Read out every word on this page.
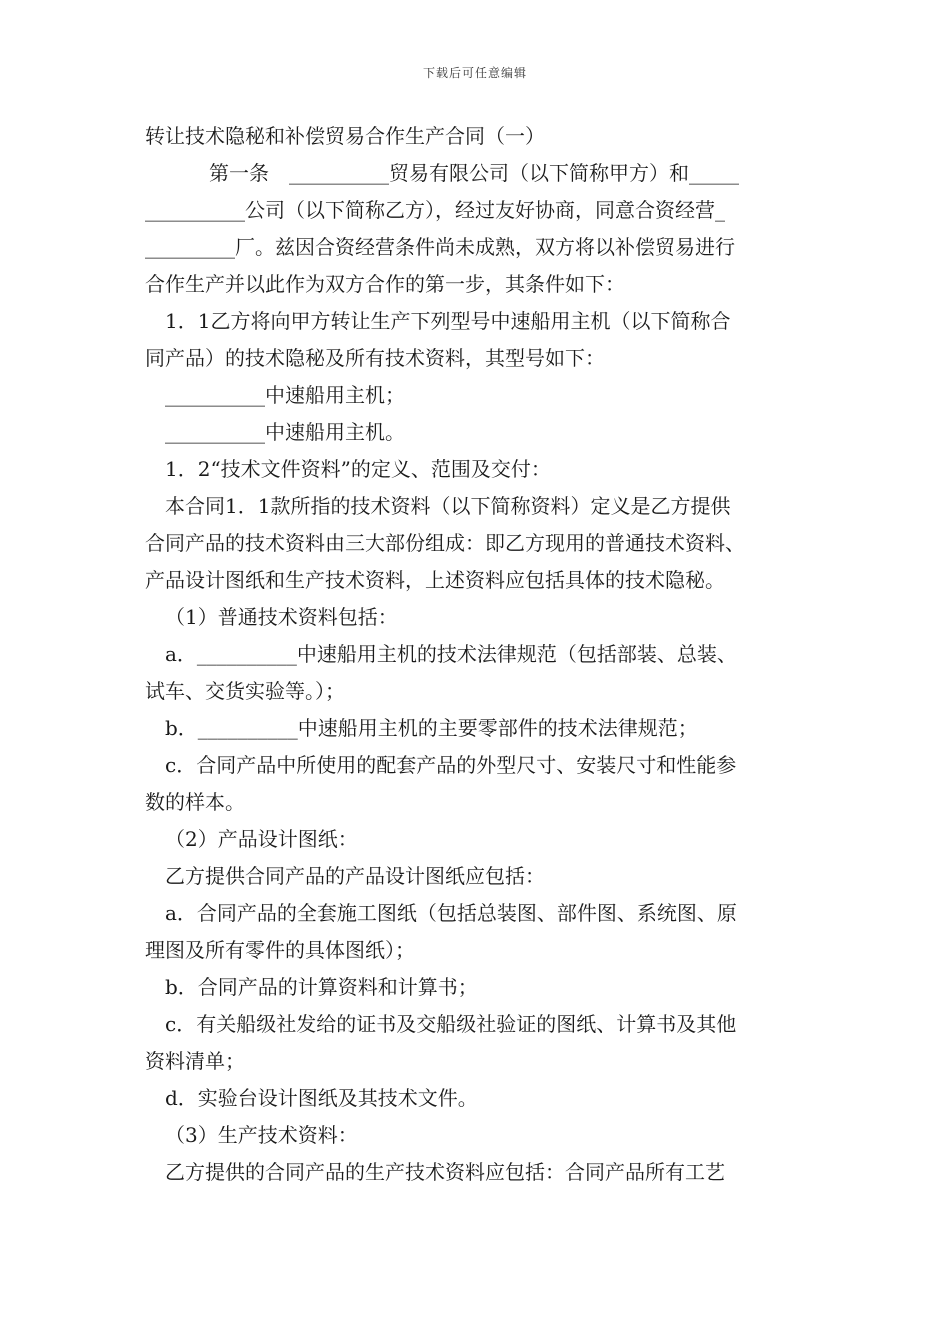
下载后可任意编辑
转让技术隐秘和补偿贸易合作生产合同（一）
第一条　__________贸易有限公司（以下简称甲方）和_____
__________公司（以下简称乙方），经过友好协商，同意合资经营_
_________厂。兹因合资经营条件尚未成熟，双方将以补偿贸易进行
合作生产并以此作为双方合作的第一步，其条件如下：
1．1乙方将向甲方转让生产下列型号中速船用主机（以下简称合
同产品）的技术隐秘及所有技术资料，其型号如下：
__________中速船用主机；
__________中速船用主机。
1．2“技术文件资料”的定义、范围及交付：
本合同1．1款所指的技术资料（以下简称资料）定义是乙方提供
合同产品的技术资料由三大部份组成：即乙方现用的普通技术资料、
产品设计图纸和生产技术资料，上述资料应包括具体的技术隐秘。
（1）普通技术资料包括：
a．__________中速船用主机的技术法律规范（包括部装、总装、
试车、交货实验等。）；
b．__________中速船用主机的主要零部件的技术法律规范；
c．合同产品中所使用的配套产品的外型尺寸、安装尺寸和性能参
数的样本。
（2）产品设计图纸：
乙方提供合同产品的产品设计图纸应包括：
a．合同产品的全套施工图纸（包括总装图、部件图、系统图、原
理图及所有零件的具体图纸）；
b．合同产品的计算资料和计算书；
c．有关船级社发给的证书及交船级社验证的图纸、计算书及其他
资料清单；
d．实验台设计图纸及其技术文件。
（3）生产技术资料：
乙方提供的合同产品的生产技术资料应包括：合同产品所有工艺
